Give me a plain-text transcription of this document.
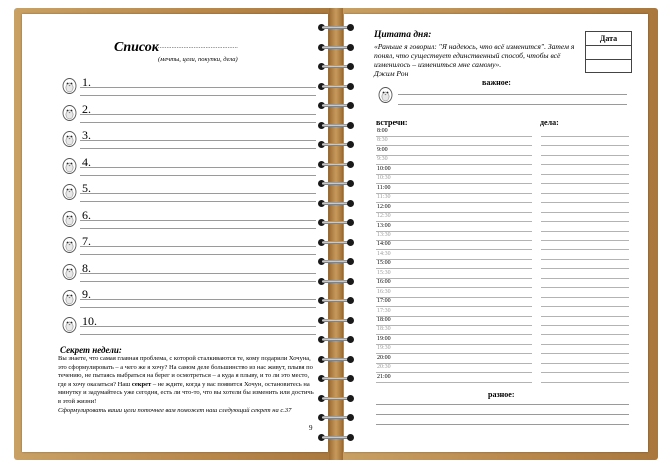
Список ...............................................
(мечты, цели, покупки, дела)
1.
2.
3.
4.
5.
6.
7.
8.
9.
10.
Секрет недели:
Вы знаете, что самая главная проблема, с которой сталкиваются те, кому подарили Хочуна, это сформулировать – а чего же я хочу? На самом деле большинство из нас живут, плывя по течению, не пытаясь выбраться на берег и осмотреться – а куда я плыву, и то ли это место, где я хочу оказаться? Наш секрет – не ждите, когда у вас появится Хочун, остановитесь на минутку и задумайтесь уже сегодня, есть ли что-то, что вы хотели бы изменить или достичь в этой жизни!
Сформулировать ваши цели поточнее вам поможет наш следующий секрет на с.37
9
Цитата дня:
«Раньше я говорил: "Я надеюсь, что всё изменится". Затем я понял, что существует единственный способ, чтобы всё изменилось – измениться мне самому».
Джим Рон
Дата
важное:
встречи:	дела:
8:00
8:30
9:00
9:30
10:00
10:30
11:00
11:30
12:00
12:30
13:00
13:30
14:00
14:30
15:00
15:30
16:00
16:30
17:00
17:30
18:00
18:30
19:00
19:30
20:00
20:30
21:00
разное:
